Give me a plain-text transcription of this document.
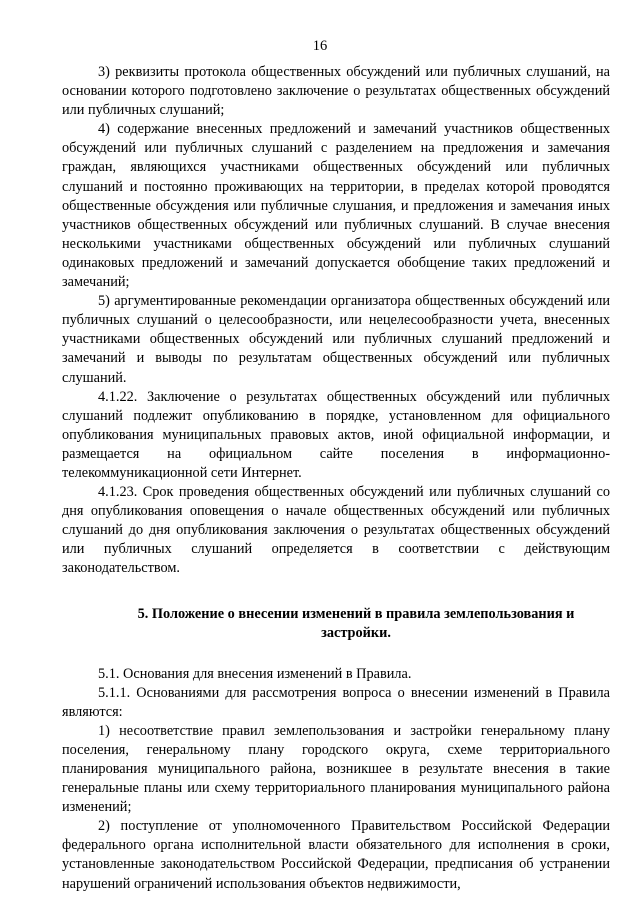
16

3) реквизиты протокола общественных обсуждений или публичных слушаний, на основании которого подготовлено заключение о результатах общественных обсуждений или публичных слушаний;

4) содержание внесенных предложений и замечаний участников общественных обсуждений или публичных слушаний с разделением на предложения и замечания граждан, являющихся участниками общественных обсуждений или публичных слушаний и постоянно проживающих на территории, в пределах которой проводятся общественные обсуждения или публичные слушания, и предложения и замечания иных участников общественных обсуждений или публичных слушаний. В случае внесения несколькими участниками общественных обсуждений или публичных слушаний одинаковых предложений и замечаний допускается обобщение таких предложений и замечаний;

5) аргументированные рекомендации организатора общественных обсуждений или публичных слушаний о целесообразности, или нецелесообразности учета, внесенных участниками общественных обсуждений или публичных слушаний предложений и замечаний и выводы по результатам общественных обсуждений или публичных слушаний.

4.1.22. Заключение о результатах общественных обсуждений или публичных слушаний подлежит опубликованию в порядке, установленном для официального опубликования муниципальных правовых актов, иной официальной информации, и размещается на официальном сайте поселения в информационно-телекоммуникационной сети Интернет.

4.1.23. Срок проведения общественных обсуждений или публичных слушаний со дня опубликования оповещения о начале общественных обсуждений или публичных слушаний до дня опубликования заключения о результатах общественных обсуждений или публичных слушаний определяется в соответствии с действующим законодательством.

5. Положение о внесении изменений в правила землепользования и застройки.

5.1. Основания для внесения изменений в Правила.

5.1.1. Основаниями для рассмотрения вопроса о внесении изменений в Правила являются:

1) несоответствие правил землепользования и застройки генеральному плану поселения, генеральному плану городского округа, схеме территориального планирования муниципального района, возникшее в результате внесения в такие генеральные планы или схему территориального планирования муниципального района изменений;

2) поступление от уполномоченного Правительством Российской Федерации федерального органа исполнительной власти обязательного для исполнения в сроки, установленные законодательством Российской Федерации, предписания об устранении нарушений ограничений использования объектов недвижимости,
